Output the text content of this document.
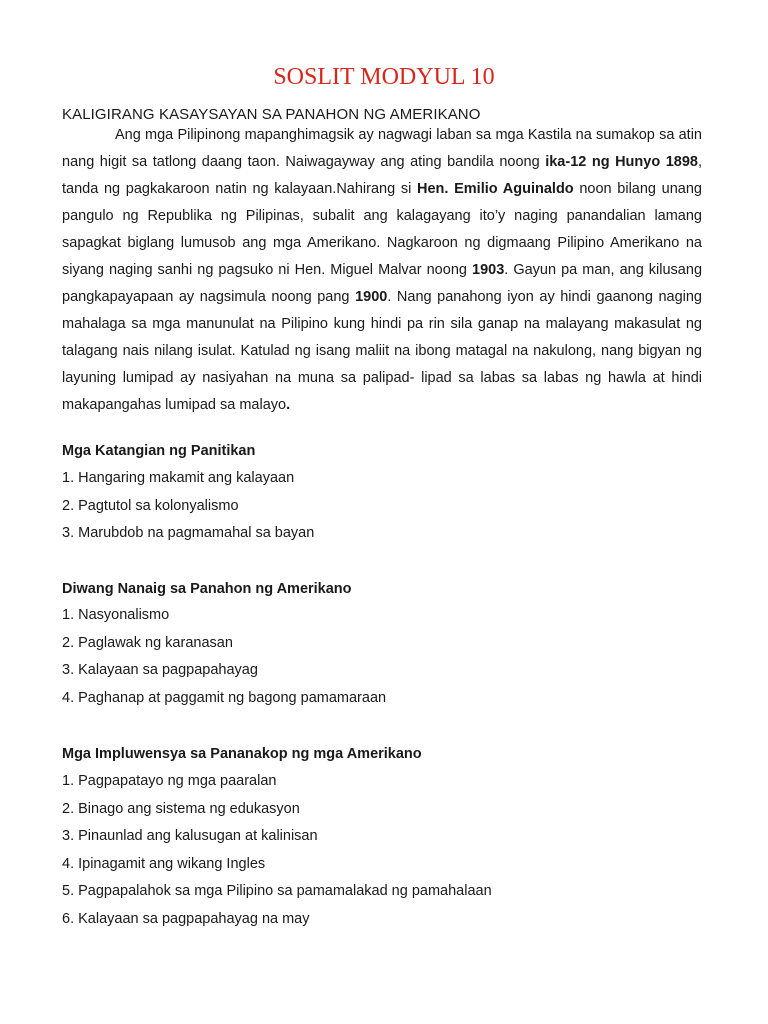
SOSLIT MODYUL 10
KALIGIRANG KASAYSAYAN SA PANAHON NG AMERIKANO

Ang mga Pilipinong mapanghimagsik ay nagwagi laban sa mga Kastila na sumakop sa atin nang higit sa tatlong daang taon. Naiwagayway ang ating bandila noong ika-12 ng Hunyo 1898, tanda ng pagkakaroon natin ng kalayaan.Nahirang si Hen. Emilio Aguinaldo noon bilang unang pangulo ng Republika ng Pilipinas, subalit ang kalagayang ito’y naging panandalian lamang sapagkat biglang lumusob ang mga Amerikano. Nagkaroon ng digmaang Pilipino Amerikano na siyang naging sanhi ng pagsuko ni Hen. Miguel Malvar noong 1903. Gayun pa man, ang kilusang pangkapayapaan ay nagsimula noong pang 1900. Nang panahong iyon ay hindi gaanong naging mahalaga sa mga manunulat na Pilipino kung hindi pa rin sila ganap na malayang makasulat ng talagang nais nilang isulat. Katulad ng isang maliit na ibong matagal na nakulong, nang bigyan ng layuning lumipad ay nasiyahan na muna sa palipad- lipad sa labas sa labas ng hawla at hindi makapangahas lumipad sa malayo.

Mga Katangian ng Panitikan
1. Hangaring makamit ang kalayaan
2. Pagtutol sa kolonyalismo
3. Marubdob na pagmamahal sa bayan
Diwang Nanaig sa Panahon ng Amerikano
1. Nasyonalismo
2. Paglawak ng karanasan
3. Kalayaan sa pagpapahayag
4. Paghanap at paggamit ng bagong pamamaraan
Mga Impluwensya sa Pananakop ng mga Amerikano
1. Pagpapatayo ng mga paaralan
2. Binago ang sistema ng edukasyon
3. Pinaunlad ang kalusugan at kalinisan
4. Ipinagamit ang wikang Ingles
5. Pagpapalahok sa mga Pilipino sa pamamalakad ng pamahalaan
6. Kalayaan sa pagpapahayag na may
